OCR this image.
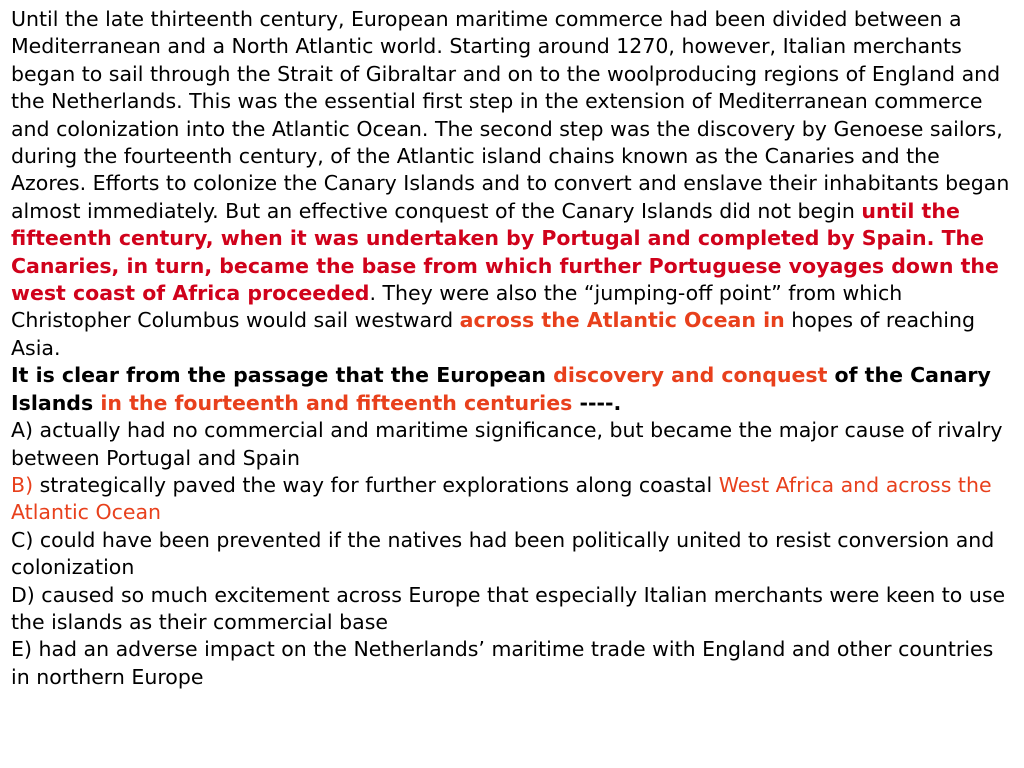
Until the late thirteenth century, European maritime commerce had been divided between a Mediterranean and a North Atlantic world. Starting around 1270, however, Italian merchants began to sail through the Strait of Gibraltar and on to the woolproducing regions of England and the Netherlands. This was the essential first step in the extension of Mediterranean commerce and colonization into the Atlantic Ocean. The second step was the discovery by Genoese sailors, during the fourteenth century, of the Atlantic island chains known as the Canaries and the Azores. Efforts to colonize the Canary Islands and to convert and enslave their inhabitants began almost immediately. But an effective conquest of the Canary Islands did not begin until the fifteenth century, when it was undertaken by Portugal and completed by Spain. The Canaries, in turn, became the base from which further Portuguese voyages down the west coast of Africa proceeded. They were also the “jumping-off point” from which Christopher Columbus would sail westward across the Atlantic Ocean in hopes of reaching Asia.

It is clear from the passage that the European discovery and conquest of the Canary Islands in the fourteenth and fifteenth centuries ----.

A) actually had no commercial and maritime significance, but became the major cause of rivalry between Portugal and Spain

B) strategically paved the way for further explorations along coastal West Africa and across the Atlantic Ocean

C) could have been prevented if the natives had been politically united to resist conversion and colonization

D) caused so much excitement across Europe that especially Italian merchants were keen to use the islands as their commercial base

E) had an adverse impact on the Netherlands’ maritime trade with England and other countries in northern Europe
